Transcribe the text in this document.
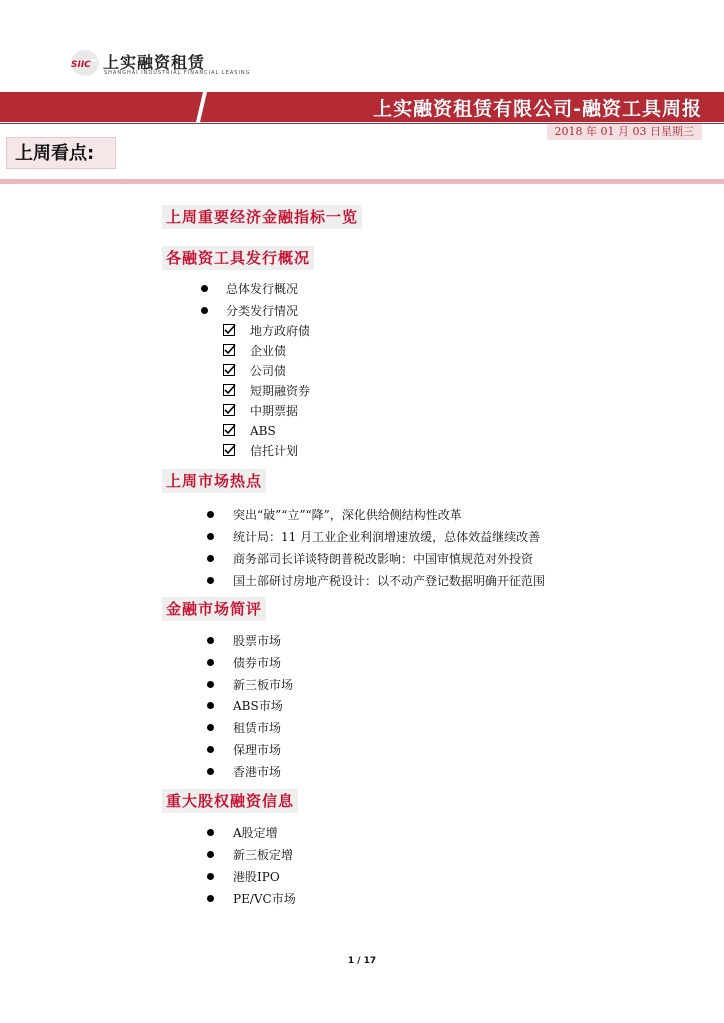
SIIC 上实融资租赁
SHANGHAI INDUSTRIAL FINANCIAL LEASING
上实融资租赁有限公司-融资工具周报
2018 年 01 月 03 日星期三
上周看点:
上周重要经济金融指标一览
各融资工具发行概况
总体发行概况
分类发行情况
地方政府债
企业债
公司债
短期融资券
中期票据
ABS
信托计划
上周市场热点
突出“破”“立”“降”，深化供给侧结构性改革
统计局：11 月工业企业利润增速放缓，总体效益继续改善
商务部司长详谈特朗普税改影响：中国审慎规范对外投资
国土部研讨房地产税设计：以不动产登记数据明确开征范围
金融市场简评
股票市场
债券市场
新三板市场
ABS市场
租赁市场
保理市场
香港市场
重大股权融资信息
A股定增
新三板定增
港股IPO
PE/VC市场
1 / 17
